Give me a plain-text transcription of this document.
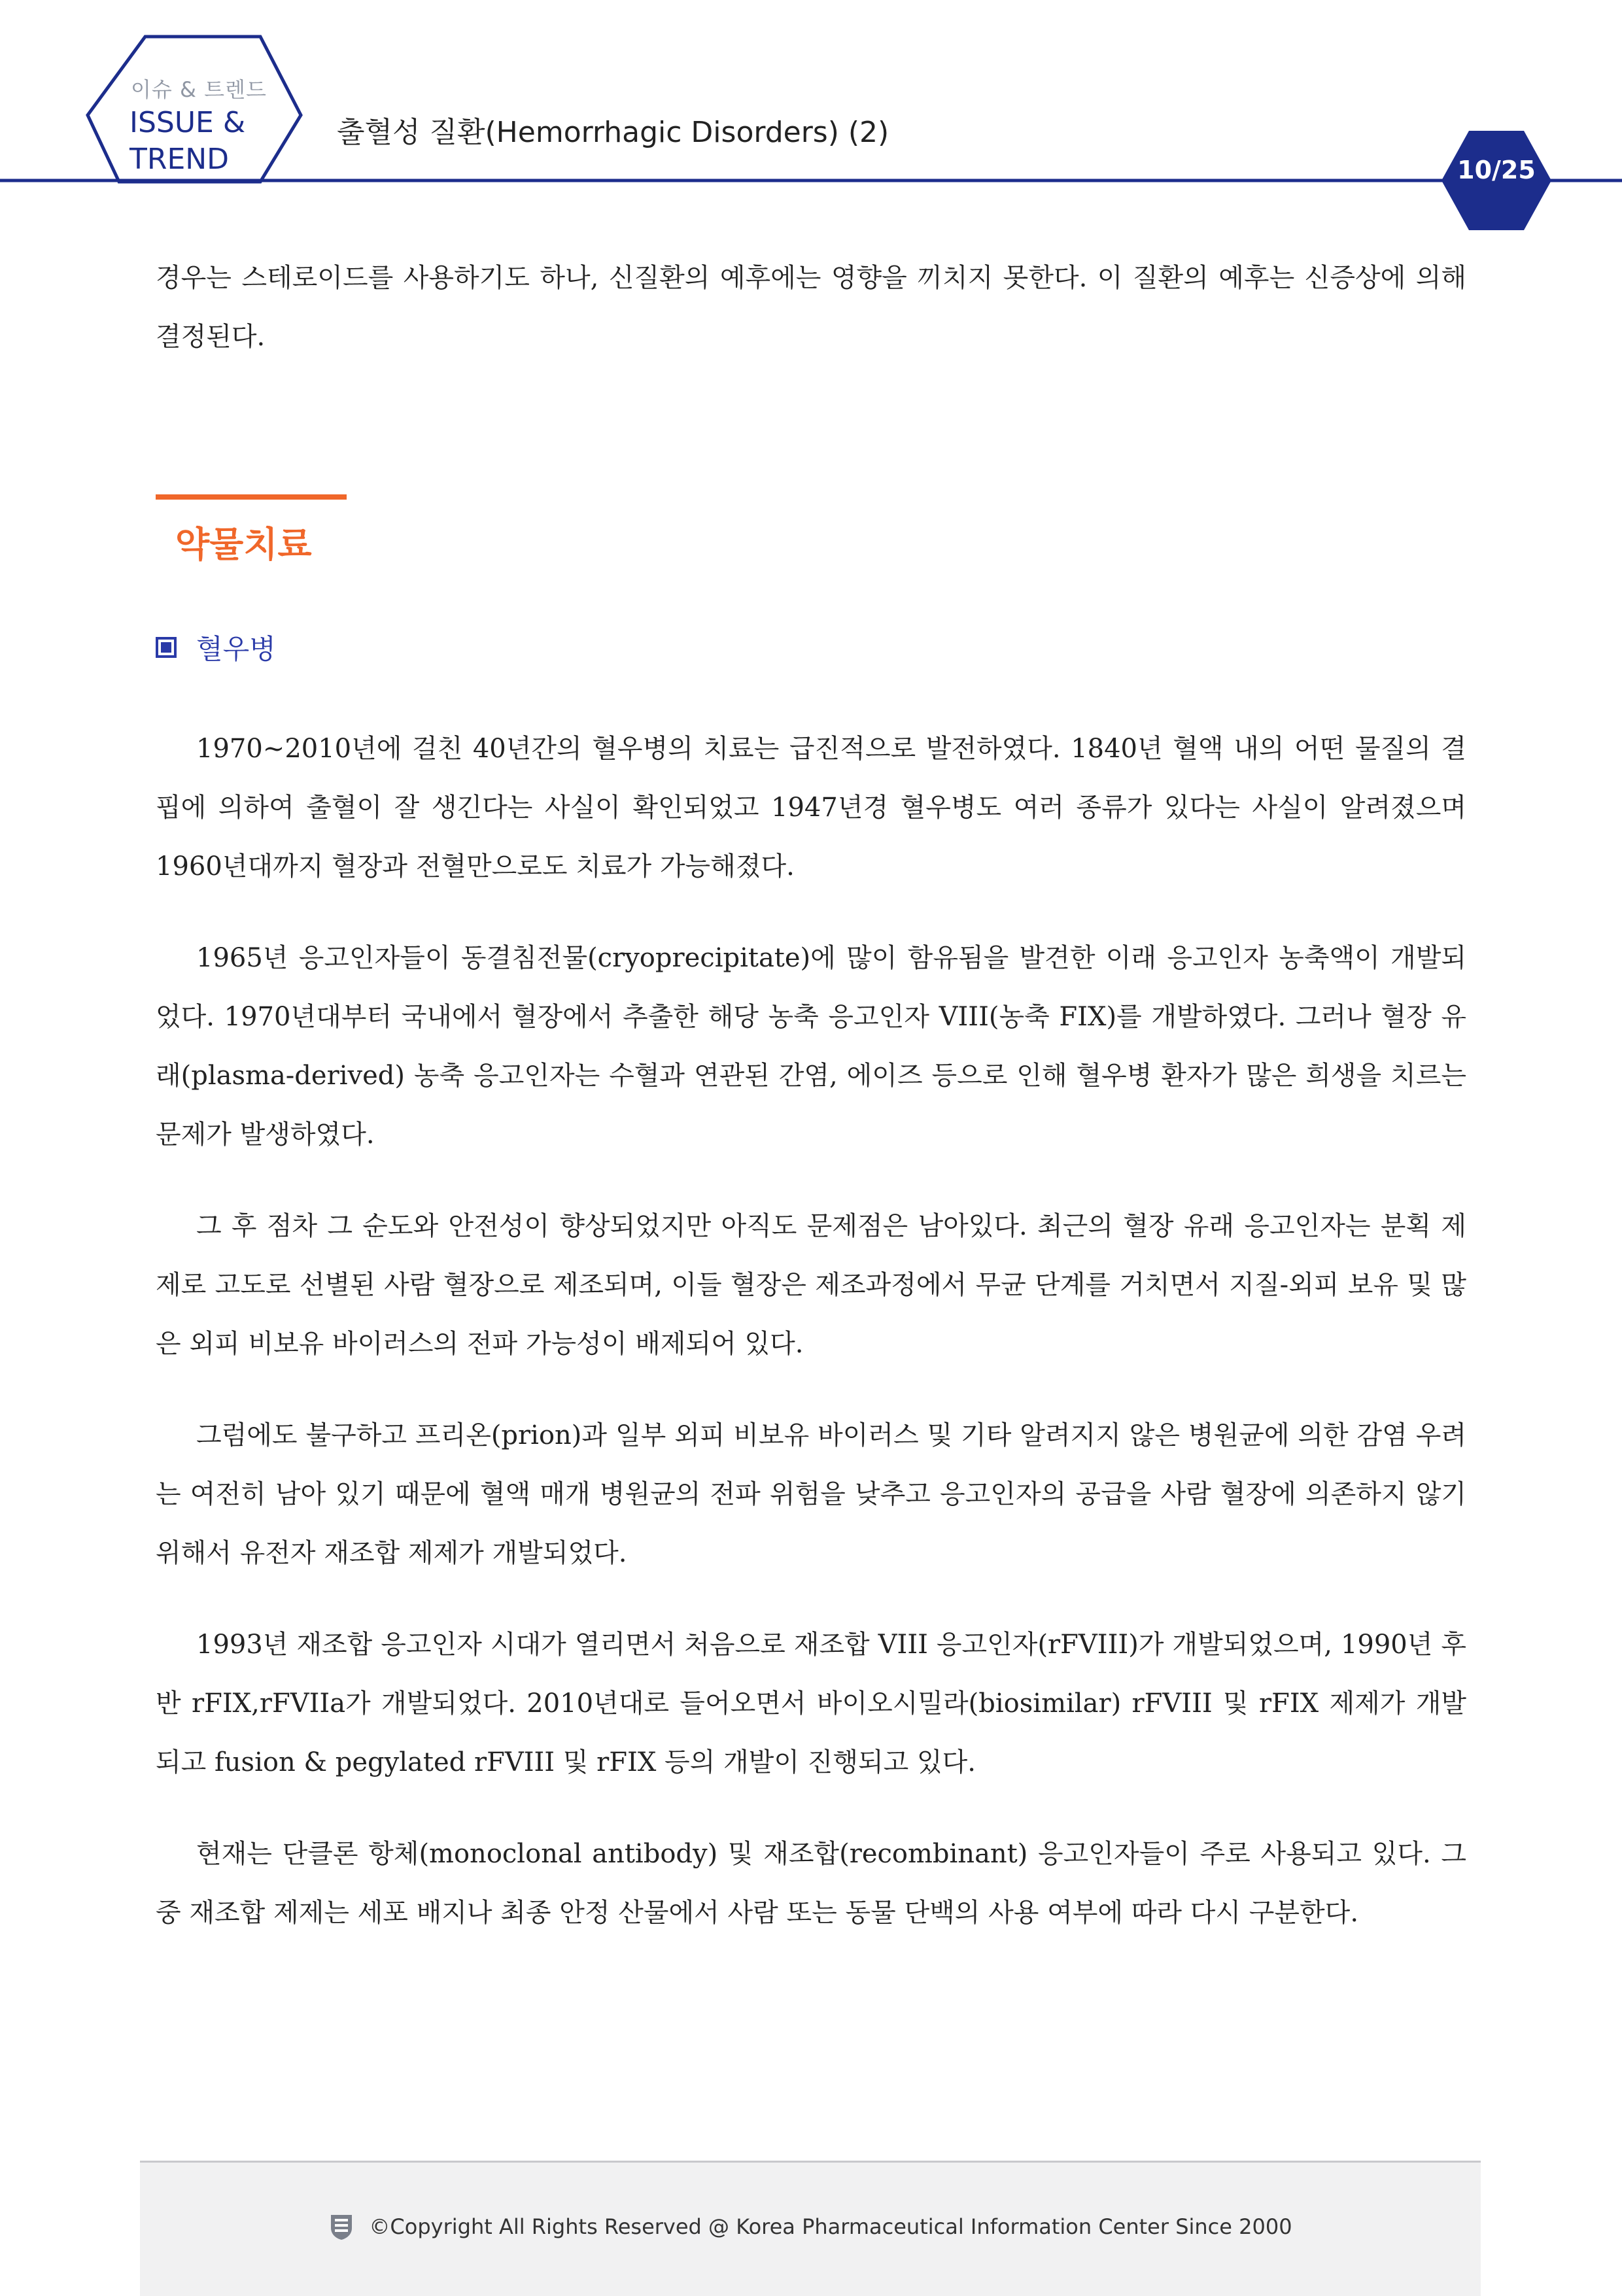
이슈 & 트렌드
ISSUE &
TREND
출혈성 질환(Hemorrhagic Disorders) (2)
10/25

경우는 스테로이드를 사용하기도 하나, 신질환의 예후에는 영향을 끼치지 못한다. 이 질환의 예후는 신증상에 의해 결정된다.

약물치료
혈우병

1970~2010년에 걸친 40년간의 혈우병의 치료는 급진적으로 발전하였다. 1840년 혈액 내의 어떤 물질의 결핍에 의하여 출혈이 잘 생긴다는 사실이 확인되었고 1947년경 혈우병도 여러 종류가 있다는 사실이 알려졌으며 1960년대까지 혈장과 전혈만으로도 치료가 가능해졌다.

1965년 응고인자들이 동결침전물(cryoprecipitate)에 많이 함유됨을 발견한 이래 응고인자 농축액이 개발되었다. 1970년대부터 국내에서 혈장에서 추출한 해당 농축 응고인자 VIII(농축 FIX)를 개발하였다. 그러나 혈장 유래(plasma-derived) 농축 응고인자는 수혈과 연관된 간염, 에이즈 등으로 인해 혈우병 환자가 많은 희생을 치르는 문제가 발생하였다.

그 후 점차 그 순도와 안전성이 향상되었지만 아직도 문제점은 남아있다. 최근의 혈장 유래 응고인자는 분획 제제로 고도로 선별된 사람 혈장으로 제조되며, 이들 혈장은 제조과정에서 무균 단계를 거치면서 지질-외피 보유 및 많은 외피 비보유 바이러스의 전파 가능성이 배제되어 있다.

그럼에도 불구하고 프리온(prion)과 일부 외피 비보유 바이러스 및 기타 알려지지 않은 병원균에 의한 감염 우려는 여전히 남아 있기 때문에 혈액 매개 병원균의 전파 위험을 낮추고 응고인자의 공급을 사람 혈장에 의존하지 않기 위해서 유전자 재조합 제제가 개발되었다.

1993년 재조합 응고인자 시대가 열리면서 처음으로 재조합 VIII 응고인자(rFVIII)가 개발되었으며, 1990년 후반 rFIX,rFVIIa가 개발되었다. 2010년대로 들어오면서 바이오시밀라(biosimilar) rFVIII 및 rFIX 제제가 개발되고 fusion & pegylated rFVIII 및 rFIX 등의 개발이 진행되고 있다.

현재는 단클론 항체(monoclonal antibody) 및 재조합(recombinant) 응고인자들이 주로 사용되고 있다. 그 중 재조합 제제는 세포 배지나 최종 안정 산물에서 사람 또는 동물 단백의 사용 여부에 따라 다시 구분한다.

©Copyright All Rights Reserved @ Korea Pharmaceutical Information Center Since 2000
